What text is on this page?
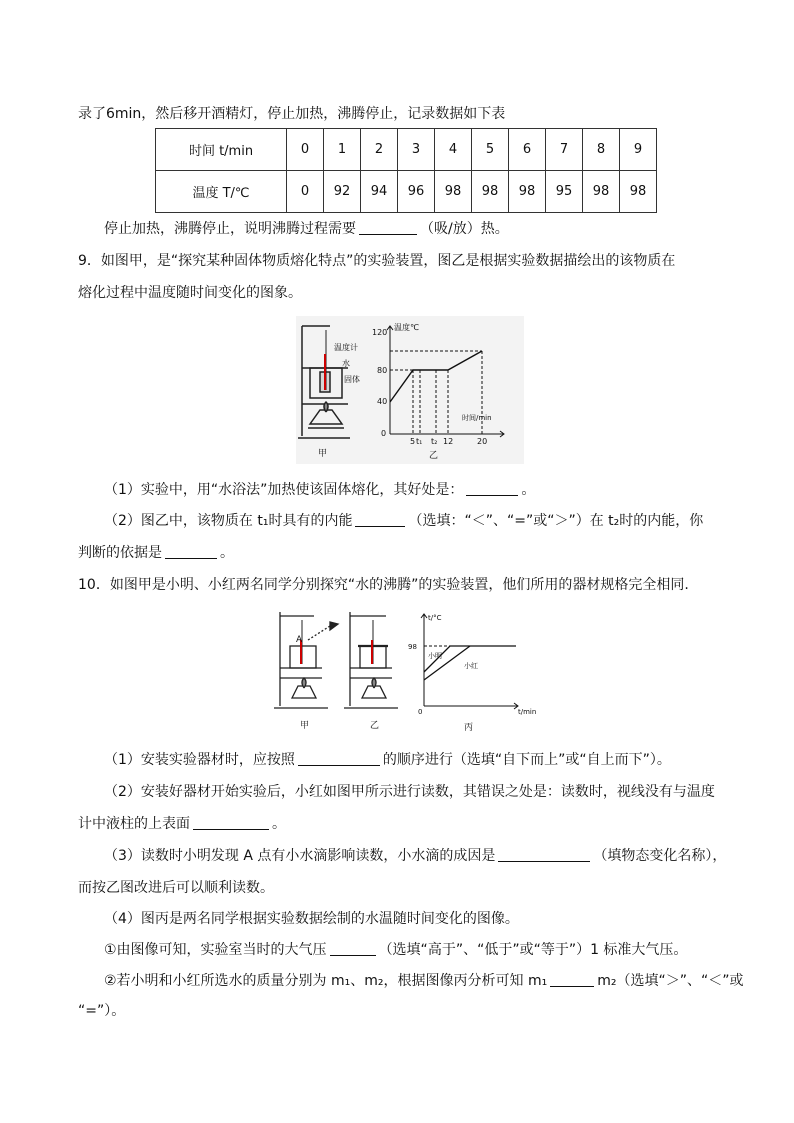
录了6min，然后移开酒精灯，停止加热，沸腾停止，记录数据如下表
时间 t/min	0	1	2	3	4	5	6	7	8	9
温度 T/℃	0	92	94	96	98	98	98	95	98	98
停止加热，沸腾停止，说明沸腾过程需要	（吸/放）热。
9．如图甲，是“探究某种固体物质熔化特点”的实验装置，图乙是根据实验数据描绘出的该物质在
熔化过程中温度随时间变化的图象。
温度计
水
固体
甲
温度℃
时间/min
120
80
40
0
5 t₁ t₂ 12	20
乙
（1）实验中，用“水浴法”加热使该固体熔化，其好处是：	。
（2）图乙中，该物质在 t₁时具有的内能	（选填：“＜”、“=”或“＞”）在 t₂时的内能，你
判断的依据是	。
10．如图甲是小明、小红两名同学分别探究“水的沸腾”的实验装置，他们所用的器材规格完全相同.
A
甲	乙
t/°C
98
0	t/min
小明
小红
丙
（1）安装实验器材时，应按照	的顺序进行（选填“自下而上”或“自上而下”）。
（2）安装好器材开始实验后，小红如图甲所示进行读数，其错误之处是：读数时，视线没有与温度
计中液柱的上表面	。
（3）读数时小明发现 A 点有小水滴影响读数，小水滴的成因是	（填物态变化名称），
而按乙图改进后可以顺利读数。
（4）图丙是两名同学根据实验数据绘制的水温随时间变化的图像。
①由图像可知，实验室当时的大气压	（选填“高于”、“低于”或“等于”）1 标准大气压。
②若小明和小红所选水的质量分别为 m₁、m₂，根据图像丙分析可知 m₁	m₂（选填“＞”、“＜”或
“=”）。
